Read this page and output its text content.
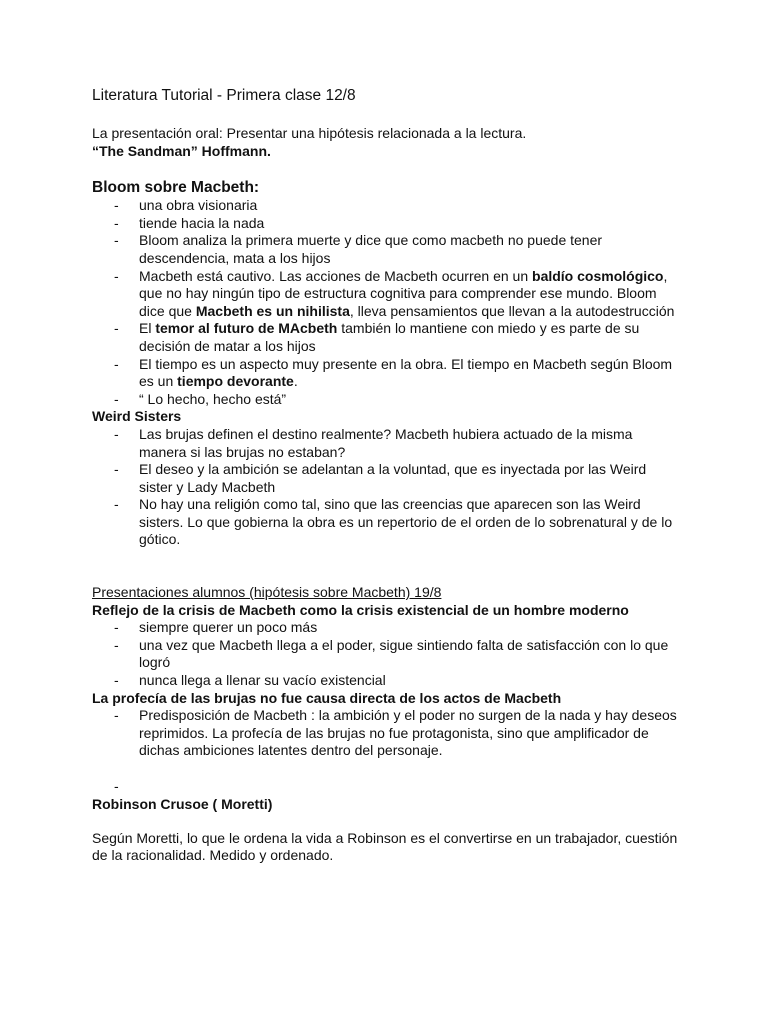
Literatura Tutorial - Primera clase 12/8

La presentación oral: Presentar una hipótesis relacionada a la lectura.

“The Sandman” Hoffmann.

Bloom sobre Macbeth:

- una obra visionaria
- tiende hacia la nada
- Bloom analiza la primera muerte y dice que como macbeth no puede tener descendencia, mata a los hijos
- Macbeth está cautivo. Las acciones de Macbeth ocurren en un baldío cosmológico, que no hay ningún tipo de estructura cognitiva para comprender ese mundo. Bloom dice que Macbeth es un nihilista, lleva pensamientos que llevan a la autodestrucción
- El temor al futuro de MAcbeth también lo mantiene con miedo y es parte de su decisión de matar a los hijos
- El tiempo es un aspecto muy presente en la obra. El tiempo en Macbeth según Bloom es un tiempo devorante.
- “ Lo hecho, hecho está”

Weird Sisters

- Las brujas definen el destino realmente? Macbeth hubiera actuado de la misma manera si las brujas no estaban?
- El deseo y la ambición se adelantan a la voluntad, que es inyectada por las Weird sister y Lady Macbeth
- No hay una religión como tal, sino que las creencias que aparecen son las Weird sisters. Lo que gobierna la obra es un repertorio de el orden de lo sobrenatural y de lo gótico.

Presentaciones alumnos (hipótesis sobre Macbeth) 19/8

Reflejo de la crisis de Macbeth como la crisis existencial de un hombre moderno

- siempre querer un poco más
- una vez que Macbeth llega a el poder, sigue sintiendo falta de satisfacción con lo que logró
- nunca llega a llenar su vacío existencial

La profecía de las brujas no fue causa directa de los actos de Macbeth

- Predisposición de Macbeth : la ambición y el poder no surgen de la nada y hay deseos reprimidos. La profecía de las brujas no fue protagonista, sino que amplificador de dichas ambiciones latentes dentro del personaje.

Robinson Crusoe ( Moretti)

Según Moretti, lo que le ordena la vida a Robinson es el convertirse en un trabajador, cuestión de la racionalidad. Medido y ordenado.
